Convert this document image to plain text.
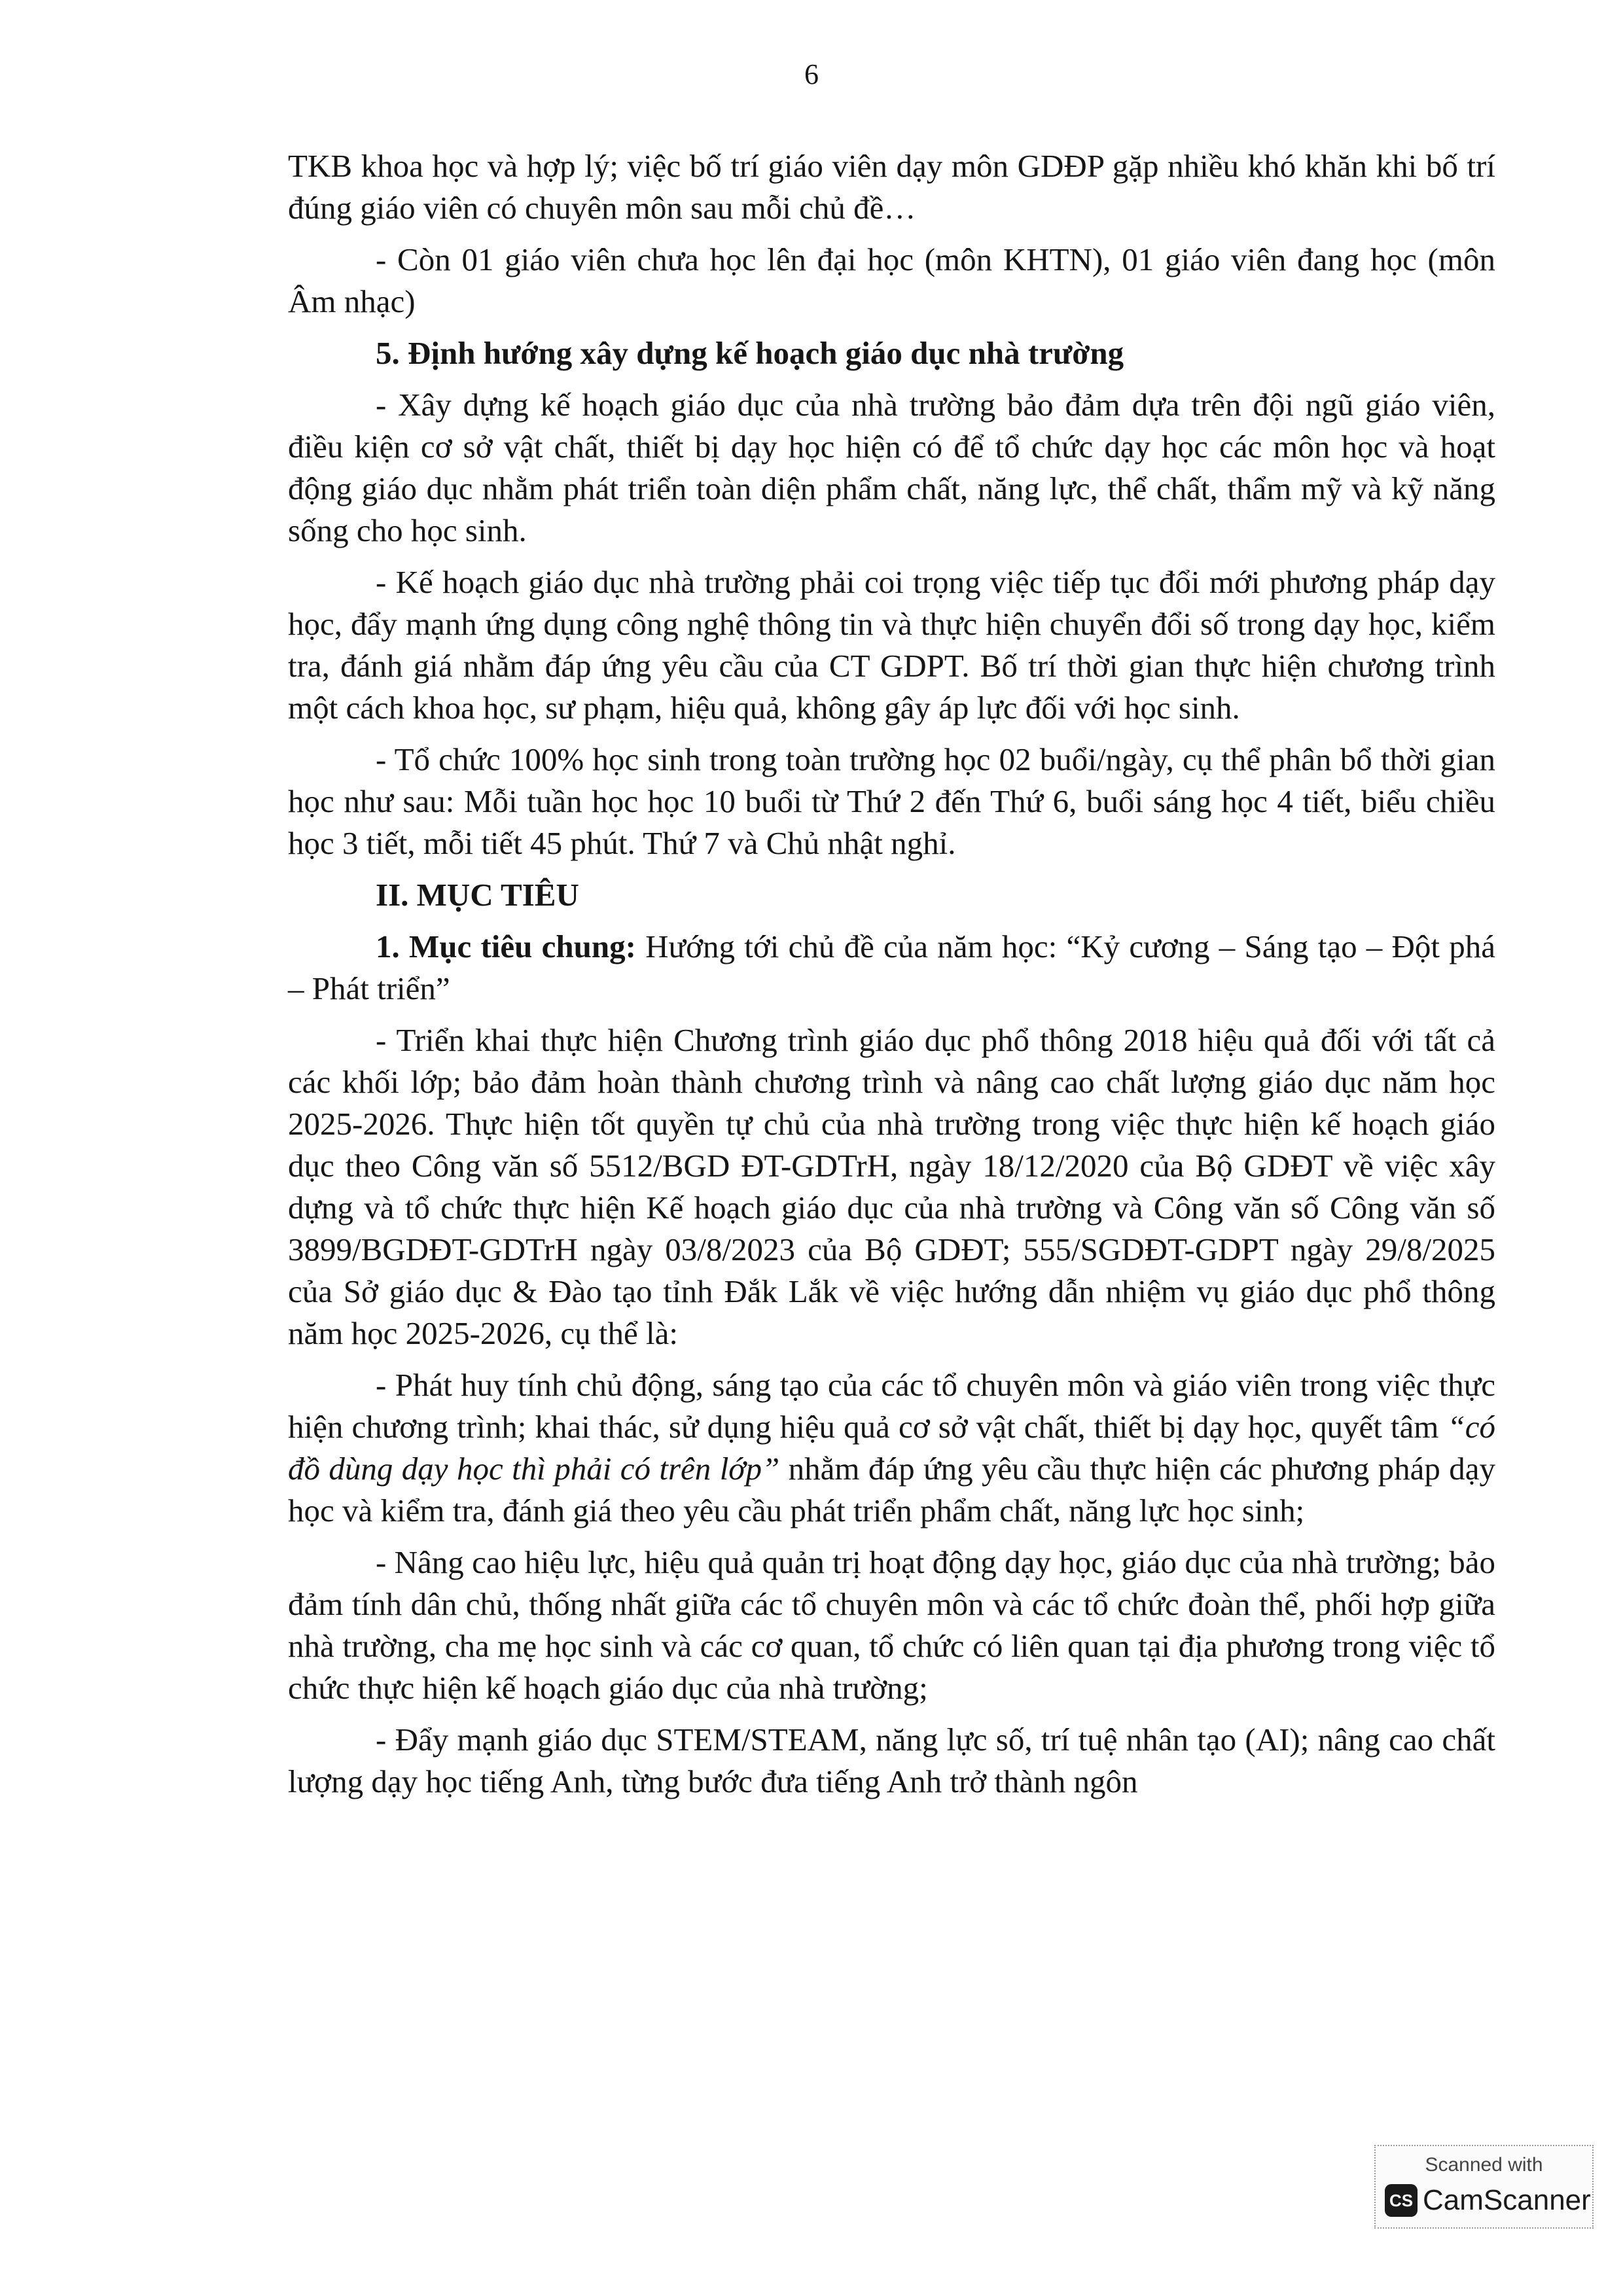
6

TKB khoa học và hợp lý; việc bố trí giáo viên dạy môn GDĐP gặp nhiều khó khăn khi bố trí đúng giáo viên có chuyên môn sau mỗi chủ đề…

- Còn 01 giáo viên chưa học lên đại học (môn KHTN), 01 giáo viên đang học (môn Âm nhạc)

5. Định hướng xây dựng kế hoạch giáo dục nhà trường

- Xây dựng kế hoạch giáo dục của nhà trường bảo đảm dựa trên đội ngũ giáo viên, điều kiện cơ sở vật chất, thiết bị dạy học hiện có để tổ chức dạy học các môn học và hoạt động giáo dục nhằm phát triển toàn diện phẩm chất, năng lực, thể chất, thẩm mỹ và kỹ năng sống cho học sinh.

- Kế hoạch giáo dục nhà trường phải coi trọng việc tiếp tục đổi mới phương pháp dạy học, đẩy mạnh ứng dụng công nghệ thông tin và thực hiện chuyển đổi số trong dạy học, kiểm tra, đánh giá nhằm đáp ứng yêu cầu của CT GDPT. Bố trí thời gian thực hiện chương trình một cách khoa học, sư phạm, hiệu quả, không gây áp lực đối với học sinh.

- Tổ chức 100% học sinh trong toàn trường học 02 buổi/ngày, cụ thể phân bổ thời gian học như sau: Mỗi tuần học học 10 buổi từ Thứ 2 đến Thứ 6, buổi sáng học 4 tiết, biểu chiều học 3 tiết, mỗi tiết 45 phút. Thứ 7 và Chủ nhật nghỉ.

II. MỤC TIÊU

1. Mục tiêu chung: Hướng tới chủ đề của năm học: “Kỷ cương – Sáng tạo – Đột phá – Phát triển”

- Triển khai thực hiện Chương trình giáo dục phổ thông 2018 hiệu quả đối với tất cả các khối lớp; bảo đảm hoàn thành chương trình và nâng cao chất lượng giáo dục năm học 2025-2026. Thực hiện tốt quyền tự chủ của nhà trường trong việc thực hiện kế hoạch giáo dục theo Công văn số 5512/BGD ĐT-GDTrH, ngày 18/12/2020 của Bộ GDĐT về việc xây dựng và tổ chức thực hiện Kế hoạch giáo dục của nhà trường và Công văn số Công văn số 3899/BGDĐT-GDTrH ngày 03/8/2023 của Bộ GDĐT; 555/SGDĐT-GDPT ngày 29/8/2025 của Sở giáo dục & Đào tạo tỉnh Đắk Lắk về việc hướng dẫn nhiệm vụ giáo dục phổ thông năm học 2025-2026, cụ thể là:

- Phát huy tính chủ động, sáng tạo của các tổ chuyên môn và giáo viên trong việc thực hiện chương trình; khai thác, sử dụng hiệu quả cơ sở vật chất, thiết bị dạy học, quyết tâm “có đồ dùng dạy học thì phải có trên lớp” nhằm đáp ứng yêu cầu thực hiện các phương pháp dạy học và kiểm tra, đánh giá theo yêu cầu phát triển phẩm chất, năng lực học sinh;

- Nâng cao hiệu lực, hiệu quả quản trị hoạt động dạy học, giáo dục của nhà trường; bảo đảm tính dân chủ, thống nhất giữa các tổ chuyên môn và các tổ chức đoàn thể, phối hợp giữa nhà trường, cha mẹ học sinh và các cơ quan, tổ chức có liên quan tại địa phương trong việc tổ chức thực hiện kế hoạch giáo dục của nhà trường;

- Đẩy mạnh giáo dục STEM/STEAM, năng lực số, trí tuệ nhân tạo (AI); nâng cao chất lượng dạy học tiếng Anh, từng bước đưa tiếng Anh trở thành ngôn

Scanned with
CS CamScanner
